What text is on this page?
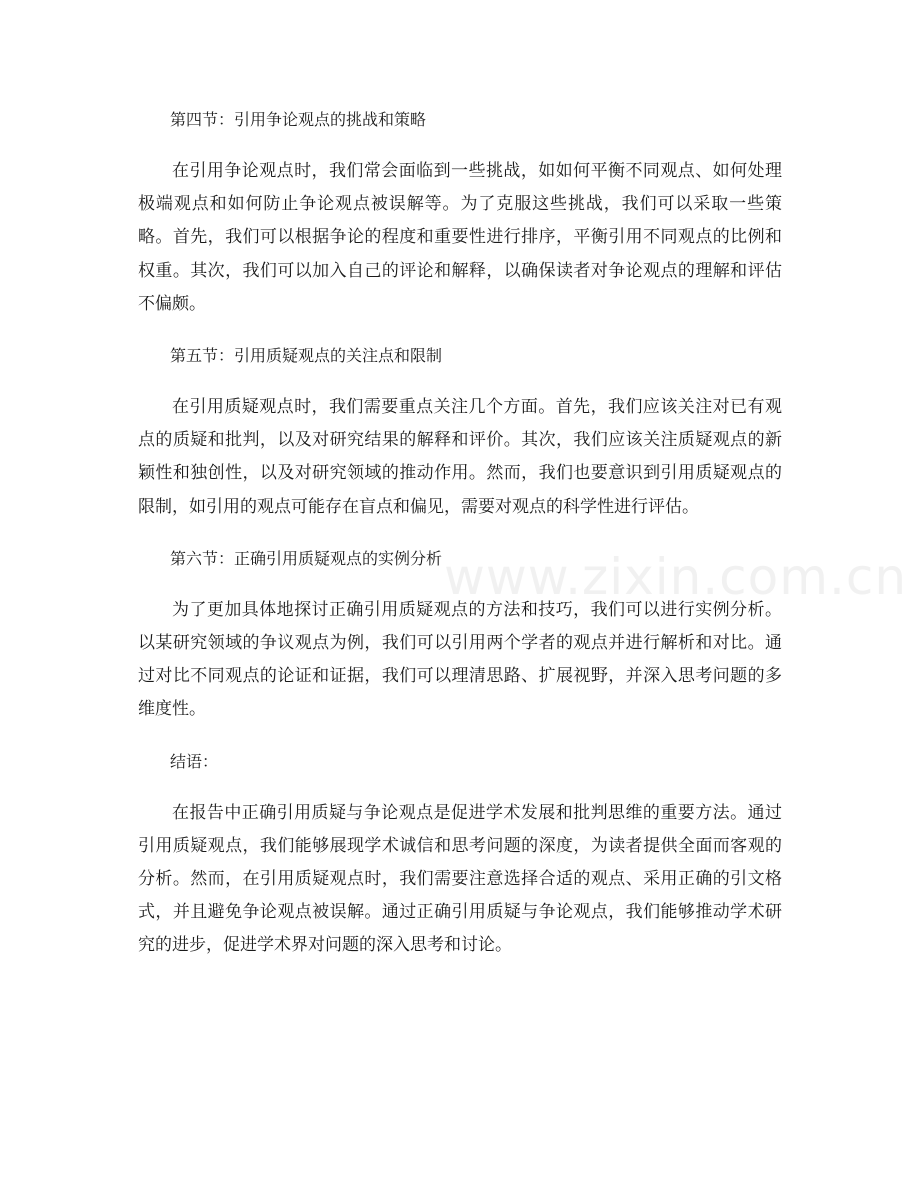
www.zixin.com.cn
第四节：引用争论观点的挑战和策略
在引用争论观点时，我们常会面临到一些挑战，如如何平衡不同观点、如何处理极端观点和如何防止争论观点被误解等。为了克服这些挑战，我们可以采取一些策略。首先，我们可以根据争论的程度和重要性进行排序，平衡引用不同观点的比例和权重。其次，我们可以加入自己的评论和解释，以确保读者对争论观点的理解和评估不偏颇。
第五节：引用质疑观点的关注点和限制
在引用质疑观点时，我们需要重点关注几个方面。首先，我们应该关注对已有观点的质疑和批判，以及对研究结果的解释和评价。其次，我们应该关注质疑观点的新颖性和独创性，以及对研究领域的推动作用。然而，我们也要意识到引用质疑观点的限制，如引用的观点可能存在盲点和偏见，需要对观点的科学性进行评估。
第六节：正确引用质疑观点的实例分析
为了更加具体地探讨正确引用质疑观点的方法和技巧，我们可以进行实例分析。以某研究领域的争议观点为例，我们可以引用两个学者的观点并进行解析和对比。通过对比不同观点的论证和证据，我们可以理清思路、扩展视野，并深入思考问题的多维度性。
结语：
在报告中正确引用质疑与争论观点是促进学术发展和批判思维的重要方法。通过引用质疑观点，我们能够展现学术诚信和思考问题的深度，为读者提供全面而客观的分析。然而，在引用质疑观点时，我们需要注意选择合适的观点、采用正确的引文格式，并且避免争论观点被误解。通过正确引用质疑与争论观点，我们能够推动学术研究的进步，促进学术界对问题的深入思考和讨论。
